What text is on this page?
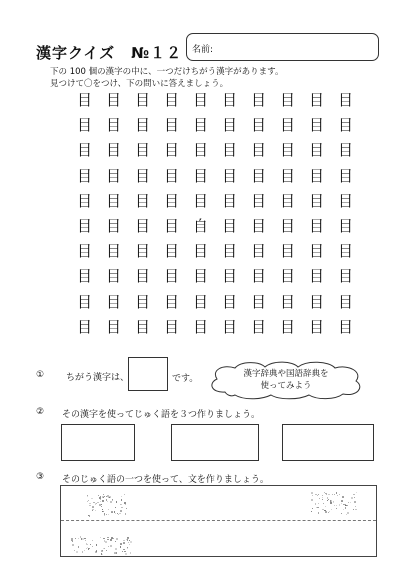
漢字クイズ　№１２ 名前:
下の 100 個の漢字の中に、一つだけちがう漢字があります。
見つけて〇をつけ、下の問いに答えましょう。
目 目 目 目 目 目 目 目 目 目
目 目 目 目 目 目 目 目 目 目
目 目 目 目 目 目 目 目 目 目
目 目 目 目 目 目 目 目 目 目
目 目 目 目 目 目 目 目 目 目
目 目 目 目 自 目 目 目 目 目
目 目 目 目 目 目 目 目 目 目
目 目 目 目 目 目 目 目 目 目
目 目 目 目 目 目 目 目 目 目
目 目 目 目 目 目 目 目 目 目
① ちがう漢字は、	です。	漢字辞典や国語辞典を
使ってみよう
② その漢字を使ってじゅく語を３つ作りましょう。
③ そのじゅく語の一つを使って、文を作りましょう。
